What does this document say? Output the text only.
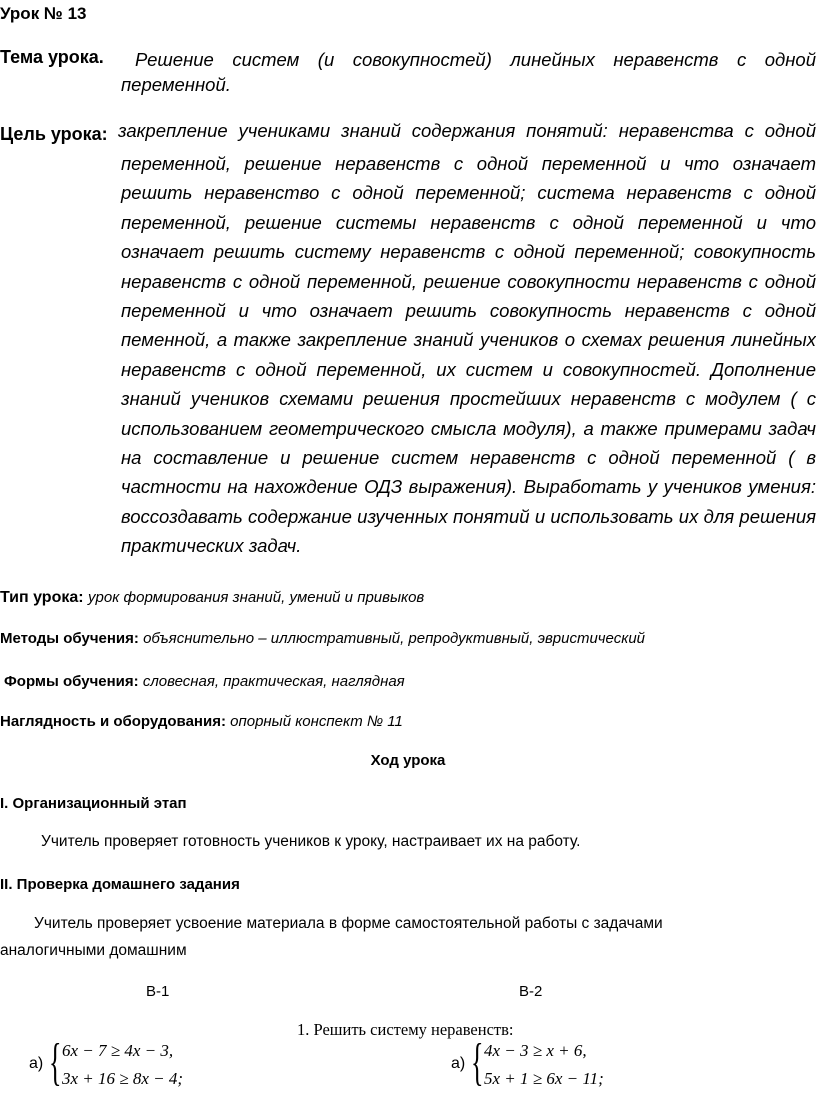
Урок № 13
Тема урока. Решение систем (и совокупностей) линейных неравенств с одной
переменной.
Цель урока: закрепление учениками знаний содержания понятий: неравенства с одной
переменной, решение неравенств с одной переменной и что означает решить неравенство с одной переменной; система неравенств с одной переменной, решение системы неравенств с одной переменной и что означает решить систему неравенств с одной переменной; совокупность неравенств с одной переменной, решение совокупности неравенств с одной переменной и что означает решить совокупность неравенств с одной пеменной, а также закрепление знаний учеников о схемах решения линейных неравенств с одной переменной, их систем и совокупностей. Дополнение знаний учеников схемами решения простейших неравенств с модулем ( с использованием геометрического смысла модуля), а также примерами задач на составление и решение систем неравенств с одной переменной ( в частности на нахождение ОДЗ выражения). Выработать у учеников умения: воссоздавать содержание изученных понятий и использовать их для решения практических задач.
Тип урока: урок формирования знаний, умений и привыков
Методы обучения: объяснительно – иллюстративный, репродуктивный, эвристический
Формы обучения: словесная, практическая, наглядная
Наглядность и оборудования: опорный конспект № 11
Ход урока
I. Организационный этап
Учитель проверяет готовность учеников к уроку, настраивает их на работу.
II. Проверка домашнего задания
Учитель проверяет усвоение материала в форме самостоятельной работы с задачами
аналогичными домашним
В-1	В-2
1. Решить систему неравенств:
а) { 6x − 7 ≥ 4x − 3,
3x + 16 ≥ 8x − 4;
а) { 4x − 3 ≥ x + 6,
5x + 1 ≥ 6x − 11;
